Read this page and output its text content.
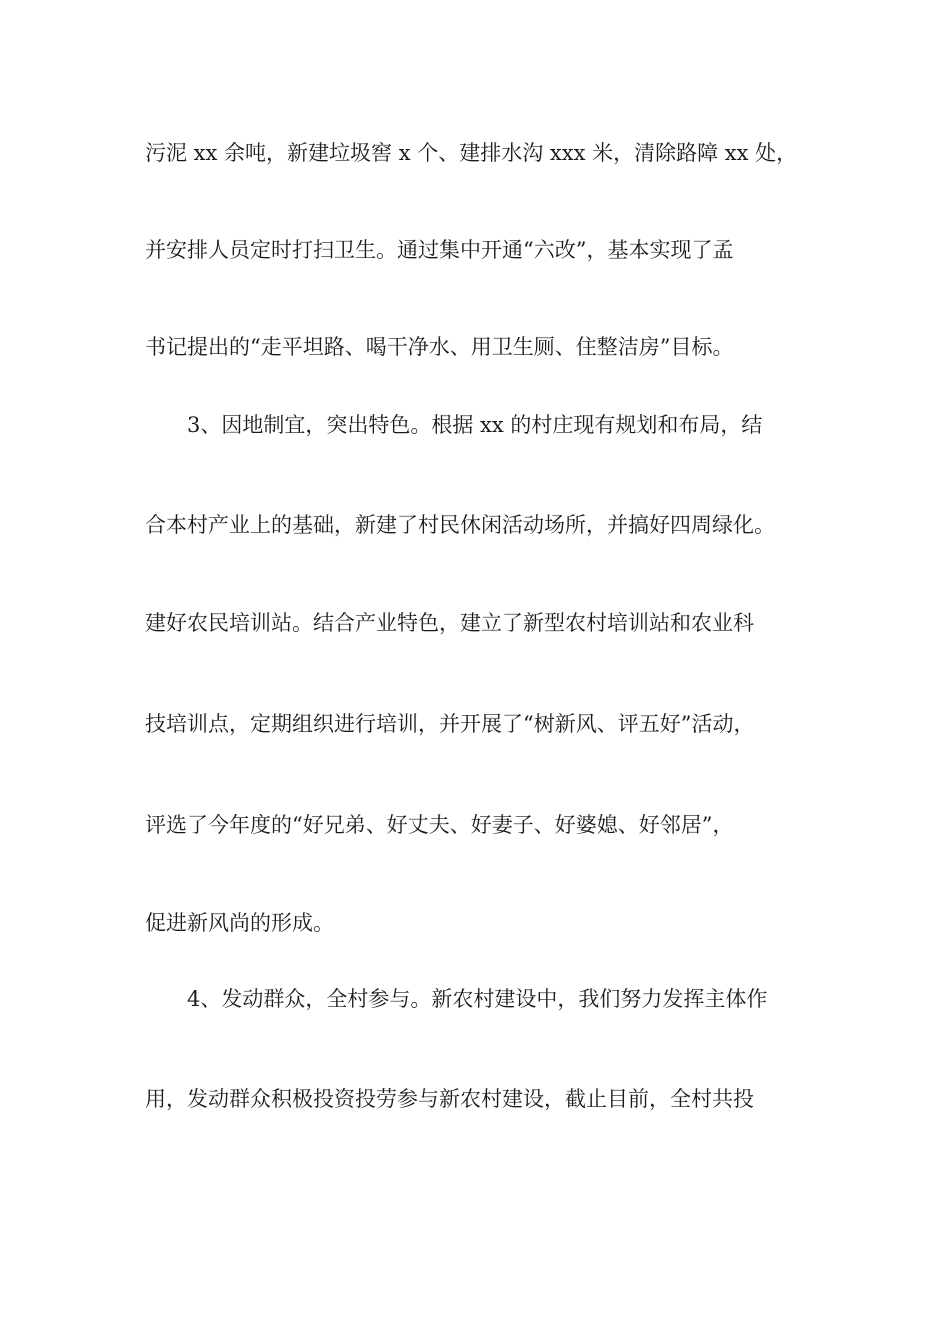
污泥 xx 余吨，新建垃圾窖 x 个、建排水沟 xxx 米，清除路障 xx 处，
并安排人员定时打扫卫生。通过集中开通“六改”，基本实现了孟
书记提出的“走平坦路、喝干净水、用卫生厕、住整洁房”目标。
3、因地制宜，突出特色。根据 xx 的村庄现有规划和布局，结
合本村产业上的基础，新建了村民休闲活动场所，并搞好四周绿化。
建好农民培训站。结合产业特色，建立了新型农村培训站和农业科
技培训点，定期组织进行培训，并开展了“树新风、评五好”活动，
评选了今年度的“好兄弟、好丈夫、好妻子、好婆媳、好邻居”，
促进新风尚的形成。
4、发动群众，全村参与。新农村建设中，我们努力发挥主体作
用，发动群众积极投资投劳参与新农村建设，截止目前，全村共投
